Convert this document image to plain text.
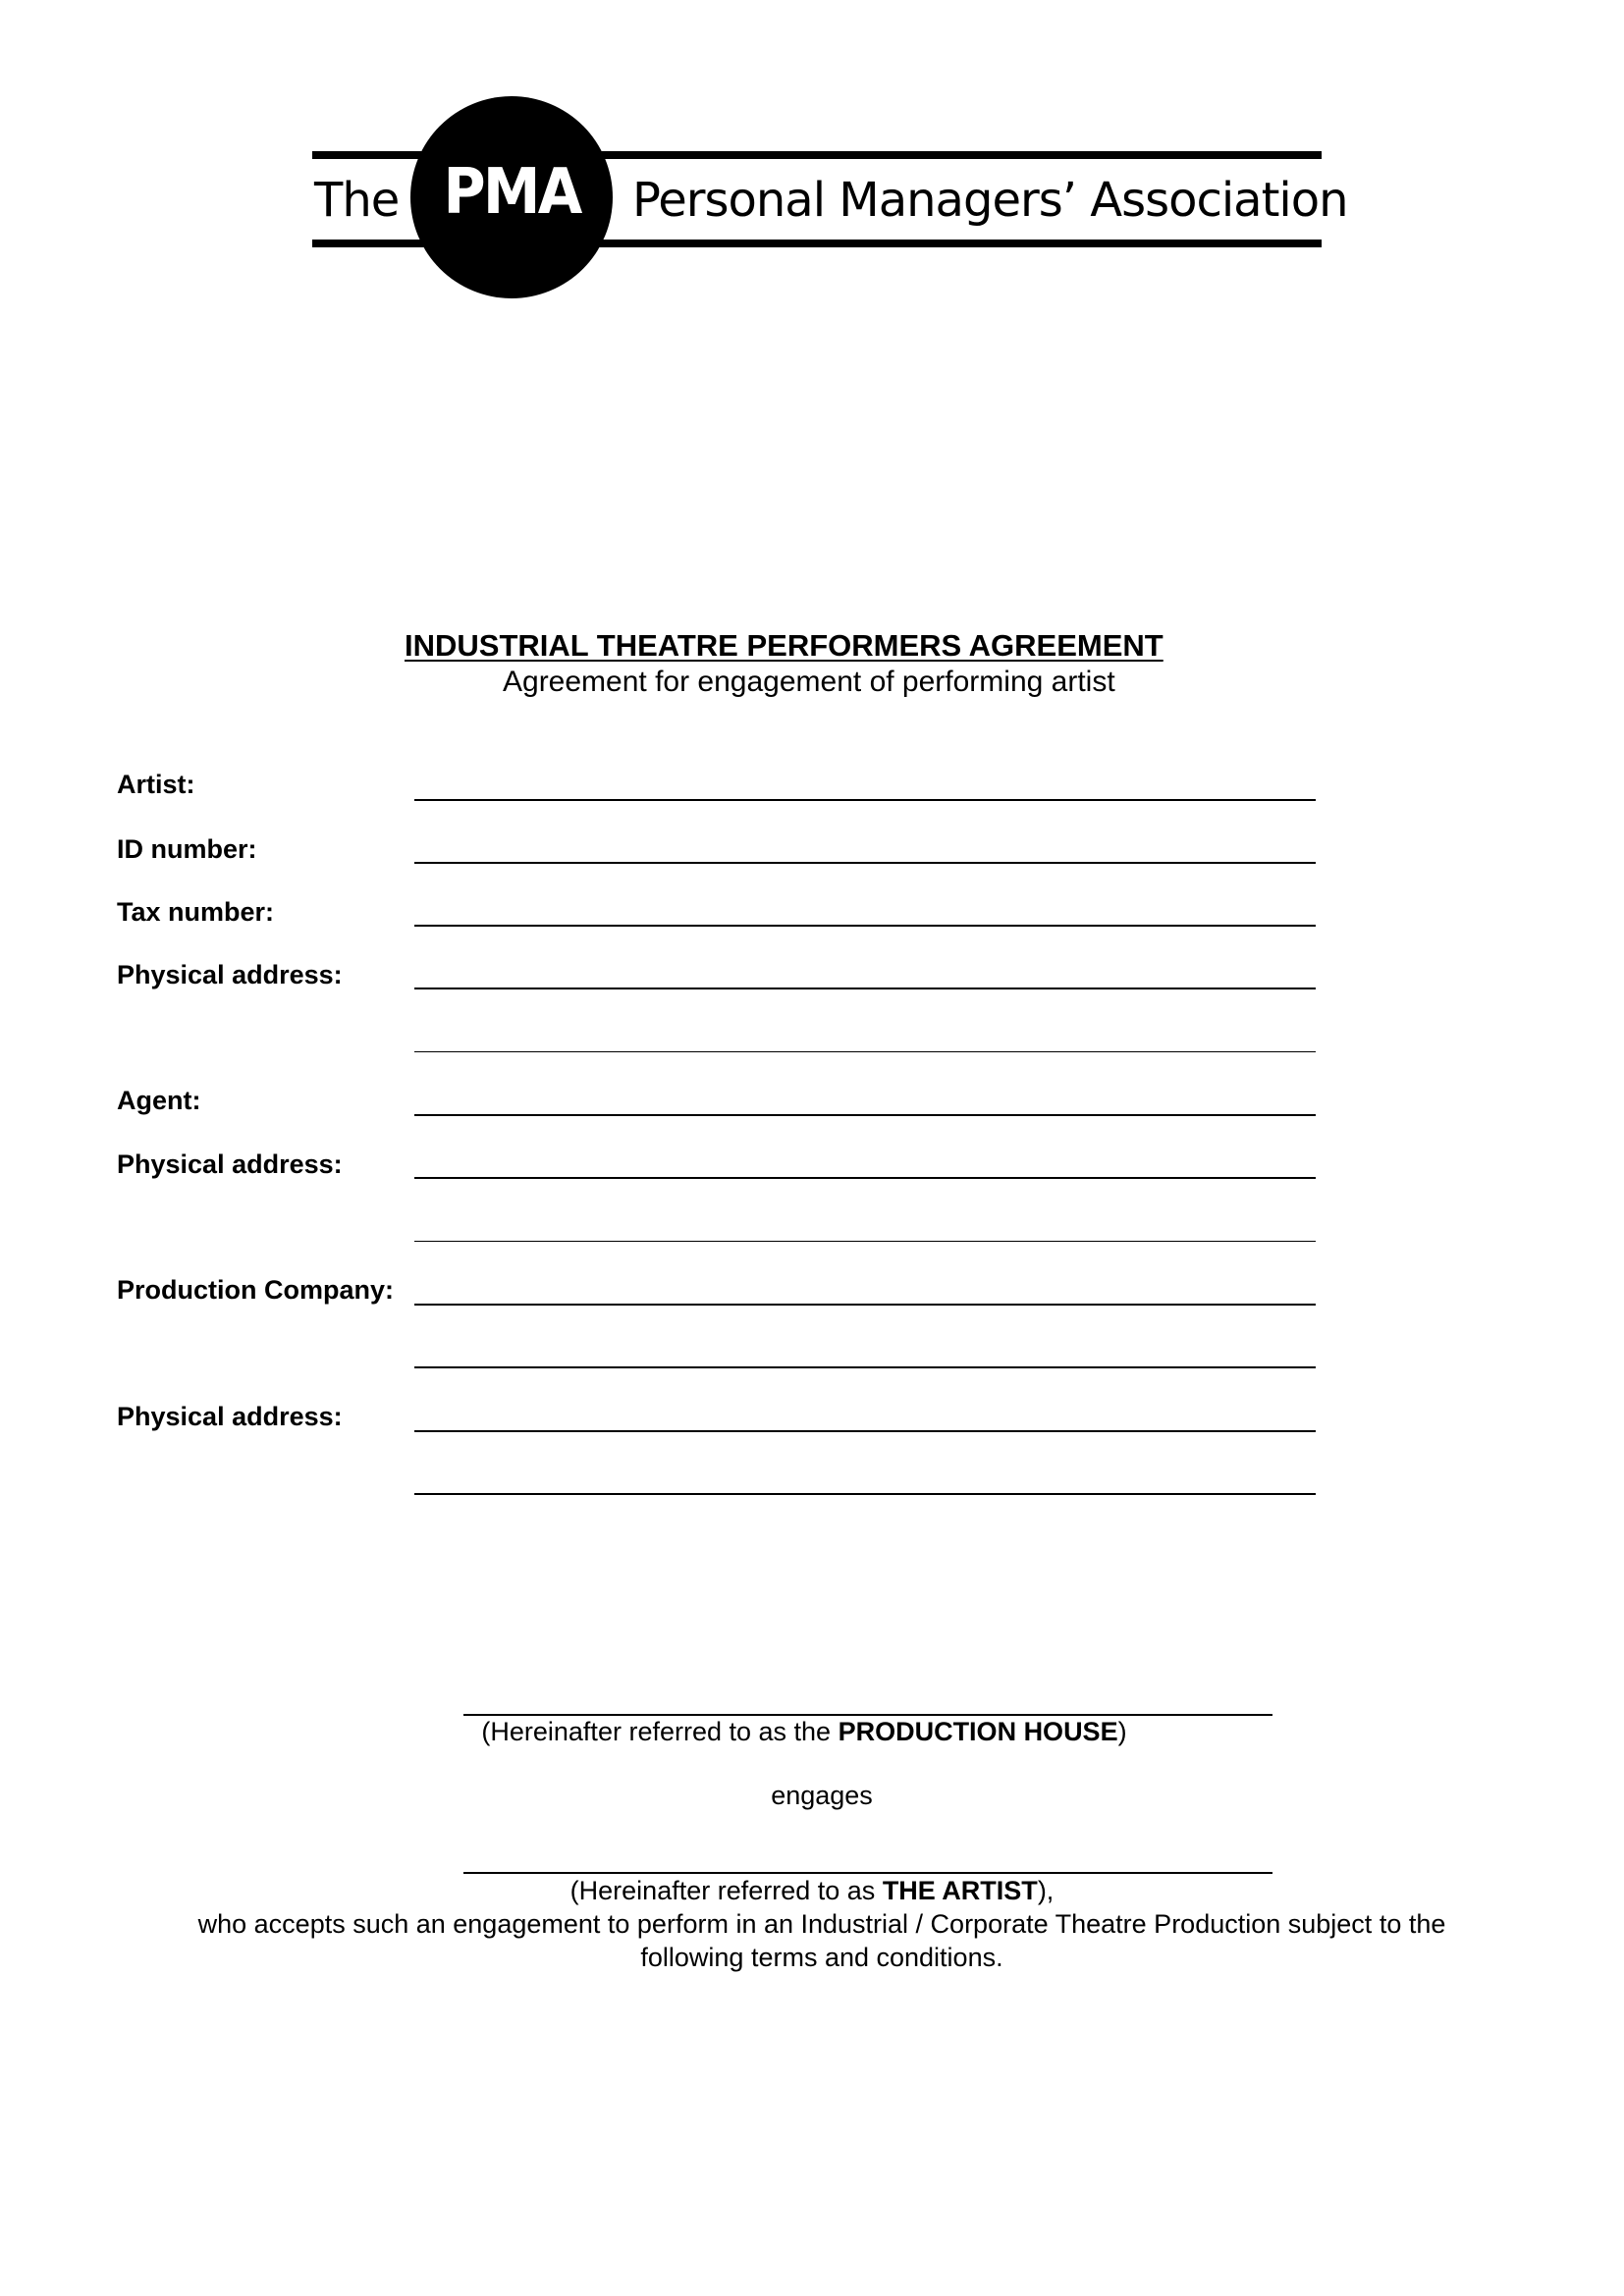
The PMA	Personal Managers’ Association
INDUSTRIAL THEATRE PERFORMERS AGREEMENT
Agreement for engagement of performing artist
Artist:
ID number:
Tax number:
Physical address:
Agent:
Physical address:
Production Company:
Physical address:
(Hereinafter referred to as the PRODUCTION HOUSE)
engages
(Hereinafter referred to as THE ARTIST),
who accepts such an engagement to perform in an Industrial / Corporate Theatre Production subject to the
following terms and conditions.
